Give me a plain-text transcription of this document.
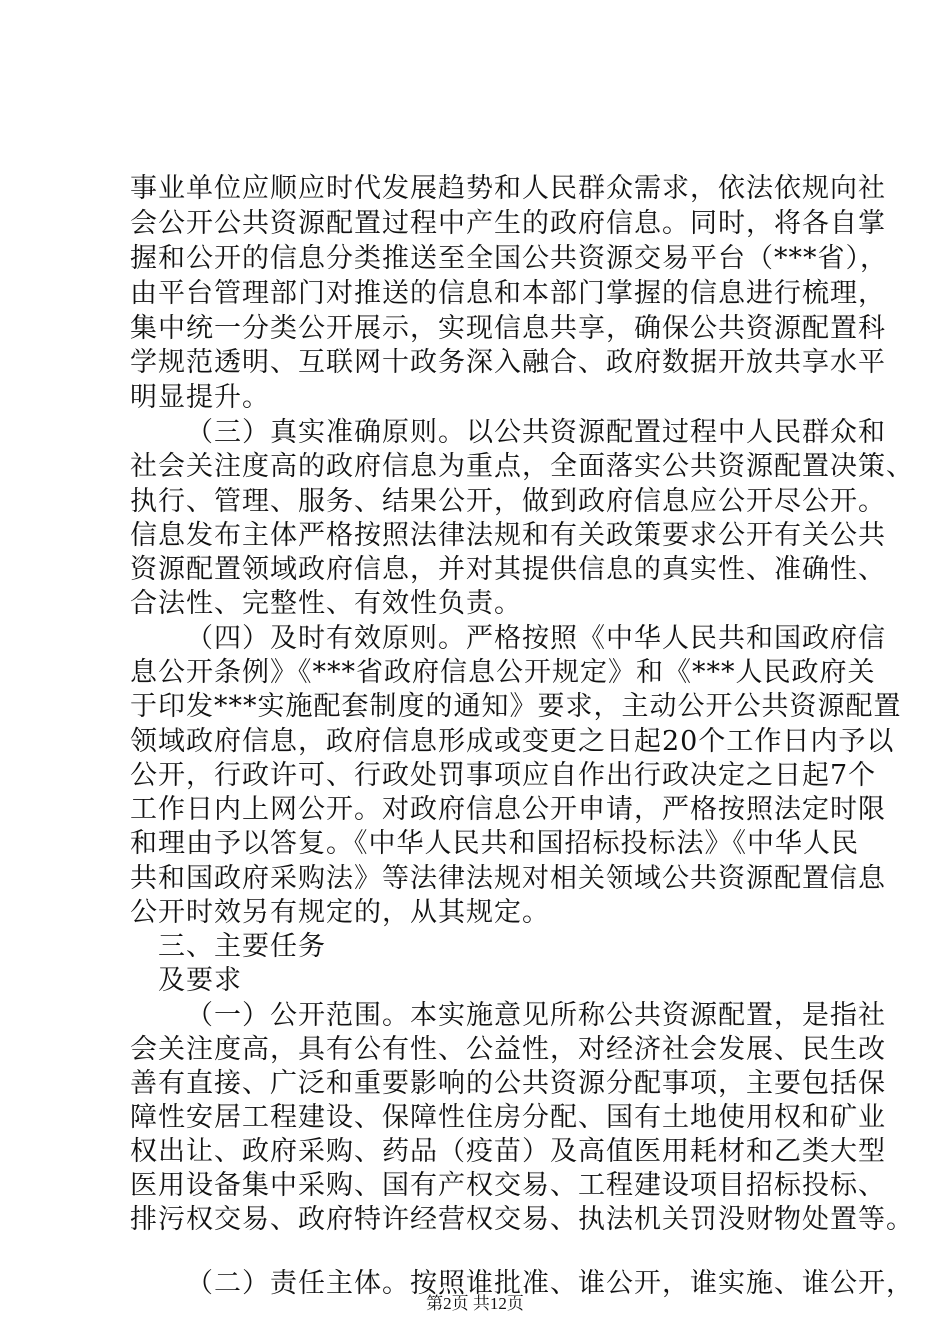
事业单位应顺应时代发展趋势和人民群众需求，依法依规向社
会公开公共资源配置过程中产生的政府信息。同时，将各自掌
握和公开的信息分类推送至全国公共资源交易平台（***省），
由平台管理部门对推送的信息和本部门掌握的信息进行梳理，
集中统一分类公开展示，实现信息共享，确保公共资源配置科
学规范透明、互联网十政务深入融合、政府数据开放共享水平
明显提升。
（三）真实准确原则。以公共资源配置过程中人民群众和
社会关注度高的政府信息为重点，全面落实公共资源配置决策、
执行、管理、服务、结果公开，做到政府信息应公开尽公开。
信息发布主体严格按照法律法规和有关政策要求公开有关公共
资源配置领域政府信息，并对其提供信息的真实性、准确性、
合法性、完整性、有效性负责。
（四）及时有效原则。严格按照《中华人民共和国政府信
息公开条例》《***省政府信息公开规定》和《***人民政府关
于印发***实施配套制度的通知》要求，主动公开公共资源配置
领域政府信息，政府信息形成或变更之日起20个工作日内予以
公开，行政许可、行政处罚事项应自作出行政决定之日起7个
工作日内上网公开。对政府信息公开申请，严格按照法定时限
和理由予以答复。《中华人民共和国招标投标法》《中华人民
共和国政府采购法》等法律法规对相关领域公共资源配置信息
公开时效另有规定的，从其规定。
三、主要任务
及要求
（一）公开范围。本实施意见所称公共资源配置，是指社
会关注度高，具有公有性、公益性，对经济社会发展、民生改
善有直接、广泛和重要影响的公共资源分配事项，主要包括保
障性安居工程建设、保障性住房分配、国有土地使用权和矿业
权出让、政府采购、药品（疫苗）及高值医用耗材和乙类大型
医用设备集中采购、国有产权交易、工程建设项目招标投标、
排污权交易、政府特许经营权交易、执法机关罚没财物处置等。
（二）责任主体。按照谁批准、谁公开，谁实施、谁公开，
第2页 共12页
